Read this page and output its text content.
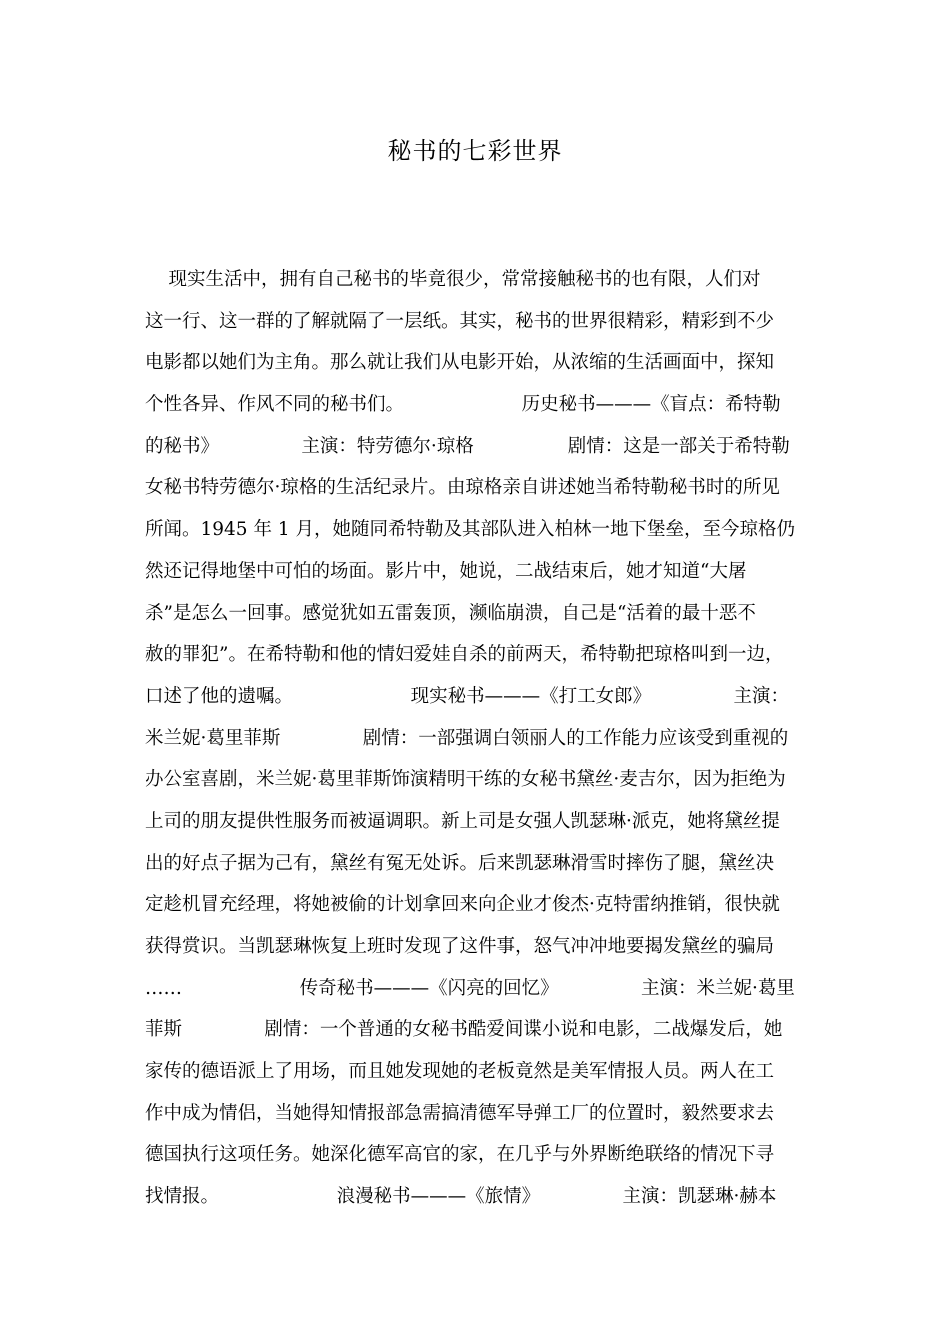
秘书的七彩世界
现实生活中，拥有自己秘书的毕竟很少，常常接触秘书的也有限，人们对
这一行、这一群的了解就隔了一层纸。其实，秘书的世界很精彩，精彩到不少
电影都以她们为主角。那么就让我们从电影开始，从浓缩的生活画面中，探知
个性各异、作风不同的秘书们。                    历史秘书———《盲点：希特勒
的秘书》              主演：特劳德尔·琼格                剧情：这是一部关于希特勒
女秘书特劳德尔·琼格的生活纪录片。由琼格亲自讲述她当希特勒秘书时的所见
所闻。1945 年 1 月，她随同希特勒及其部队进入柏林一地下堡垒，至今琼格仍
然还记得地堡中可怕的场面。影片中，她说，二战结束后，她才知道“大屠
杀”是怎么一回事。感觉犹如五雷轰顶，濒临崩溃，自己是“活着的最十恶不
赦的罪犯”。在希特勒和他的情妇爱娃自杀的前两天，希特勒把琼格叫到一边，
口述了他的遗嘱。                    现实秘书———《打工女郎》              主演：
米兰妮·葛里菲斯              剧情：一部强调白领丽人的工作能力应该受到重视的
办公室喜剧，米兰妮·葛里菲斯饰演精明干练的女秘书黛丝·麦吉尔，因为拒绝为
上司的朋友提供性服务而被逼调职。新上司是女强人凯瑟琳·派克，她将黛丝提
出的好点子据为己有，黛丝有冤无处诉。后来凯瑟琳滑雪时摔伤了腿，黛丝决
定趁机冒充经理，将她被偷的计划拿回来向企业才俊杰·克特雷纳推销，很快就
获得赏识。当凯瑟琳恢复上班时发现了这件事，怒气冲冲地要揭发黛丝的骗局
……                    传奇秘书———《闪亮的回忆》              主演：米兰妮·葛里
菲斯              剧情：一个普通的女秘书酷爱间谍小说和电影，二战爆发后，她
家传的德语派上了用场，而且她发现她的老板竟然是美军情报人员。两人在工
作中成为情侣，当她得知情报部急需搞清德军导弹工厂的位置时，毅然要求去
德国执行这项任务。她深化德军高官的家，在几乎与外界断绝联络的情况下寻
找情报。                    浪漫秘书———《旅情》              主演：凯瑟琳·赫本
